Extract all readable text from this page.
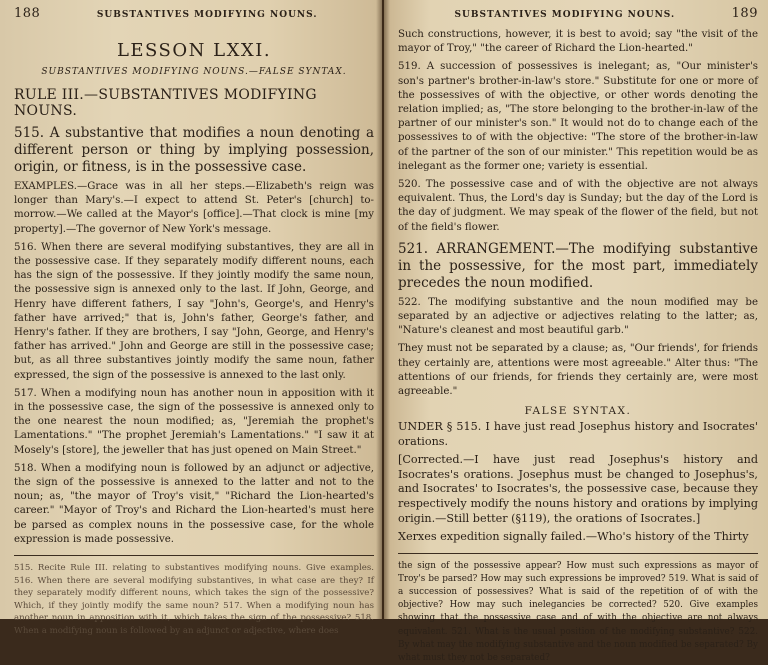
188	SUBSTANTIVES MODIFYING NOUNS.
LESSON LXXI.
SUBSTANTIVES MODIFYING NOUNS.—FALSE SYNTAX.
RULE III.—SUBSTANTIVES MODIFYING NOUNS.

515. A substantive that modifies a noun denoting a different person or thing by implying possession, origin, or fitness, is in the possessive case.

EXAMPLES.—Grace was in all her steps.—Elizabeth's reign was longer than Mary's.—I expect to attend St. Peter's [church] to-morrow.—We called at the Mayor's [office].—That clock is mine [my property].—The governor of New York's message.

516. When there are several modifying substantives, they are all in the possessive case. If they separately modify different nouns, each has the sign of the possessive. If they jointly modify the same noun, the possessive sign is annexed only to the last. If John, George, and Henry have different fathers, I say "John's, George's, and Henry's father have arrived;" that is, John's father, George's father, and Henry's father. If they are brothers, I say "John, George, and Henry's father has arrived." John and George are still in the possessive case; but, as all three substantives jointly modify the same noun, father expressed, the sign of the possessive is annexed to the last only.

517. When a modifying noun has another noun in apposition with it in the possessive case, the sign of the possessive is annexed only to the one nearest the noun modified; as, "Jeremiah the prophet's Lamentations." "The prophet Jeremiah's Lamentations." "I saw it at Mosely's [store], the jeweller that has just opened on Main Street."

518. When a modifying noun is followed by an adjunct or adjective, the sign of the possessive is annexed to the latter and not to the noun; as, "the mayor of Troy's visit," "Richard the Lion-hearted's career." "Mayor of Troy's and Richard the Lion-hearted's must here be parsed as complex nouns in the possessive case, for the whole expression is made possessive.

515. Recite Rule III. relating to substantives modifying nouns. Give examples. 516. When there are several modifying substantives, in what case are they? If they separately modify different nouns, which takes the sign of the possessive? Which, if they jointly modify the same noun? 517. When a modifying noun has another noun in apposition with it, which takes the sign of the possessive? 518. When a modifying noun is followed by an adjunct or adjective, where does

SUBSTANTIVES MODIFYING NOUNS.	189

Such constructions, however, it is best to avoid; say "the visit of the mayor of Troy," "the career of Richard the Lion-hearted."

519. A succession of possessives is inelegant; as, "Our minister's son's partner's brother-in-law's store." Substitute for one or more of the possessives of with the objective, or other words denoting the relation implied; as, "The store belonging to the brother-in-law of the partner of our minister's son." It would not do to change each of the possessives to of with the objective: "The store of the brother-in-law of the partner of the son of our minister." This repetition would be as inelegant as the former one; variety is essential.

520. The possessive case and of with the objective are not always equivalent. Thus, the Lord's day is Sunday; but the day of the Lord is the day of judgment. We may speak of the flower of the field, but not of the field's flower.

521. ARRANGEMENT.—The modifying substantive in the possessive, for the most part, immediately precedes the noun modified.

522. The modifying substantive and the noun modified may be separated by an adjective or adjectives relating to the latter; as, "Nature's cleanest and most beautiful garb."

They must not be separated by a clause; as, "Our friends', for friends they certainly are, attentions were most agreeable." Alter thus: "The attentions of our friends, for friends they certainly are, were most agreeable."

FALSE SYNTAX.

UNDER § 515. I have just read Josephus history and Isocrates' orations.

[Corrected.—I have just read Josephus's history and Isocrates's orations. Josephus must be changed to Josephus's, and Isocrates' to Isocrates's, the possessive case, because they respectively modify the nouns history and orations by implying origin.—Still better (§119), the orations of Isocrates.]

Xerxes expedition signally failed.—Who's history of the Thirty

the sign of the possessive appear? How must such expressions as mayor of Troy's be parsed? How may such expressions be improved? 519. What is said of a succession of possessives? What is said of the repetition of of with the objective? How may such inelegancies be corrected? 520. Give examples showing that the possessive case and of with the objective are not always equivalent. 521. What is the usual position of the modifying substantive? 522. By what may the modifying substantive and the noun modified be separated? By what must they not be separated?
